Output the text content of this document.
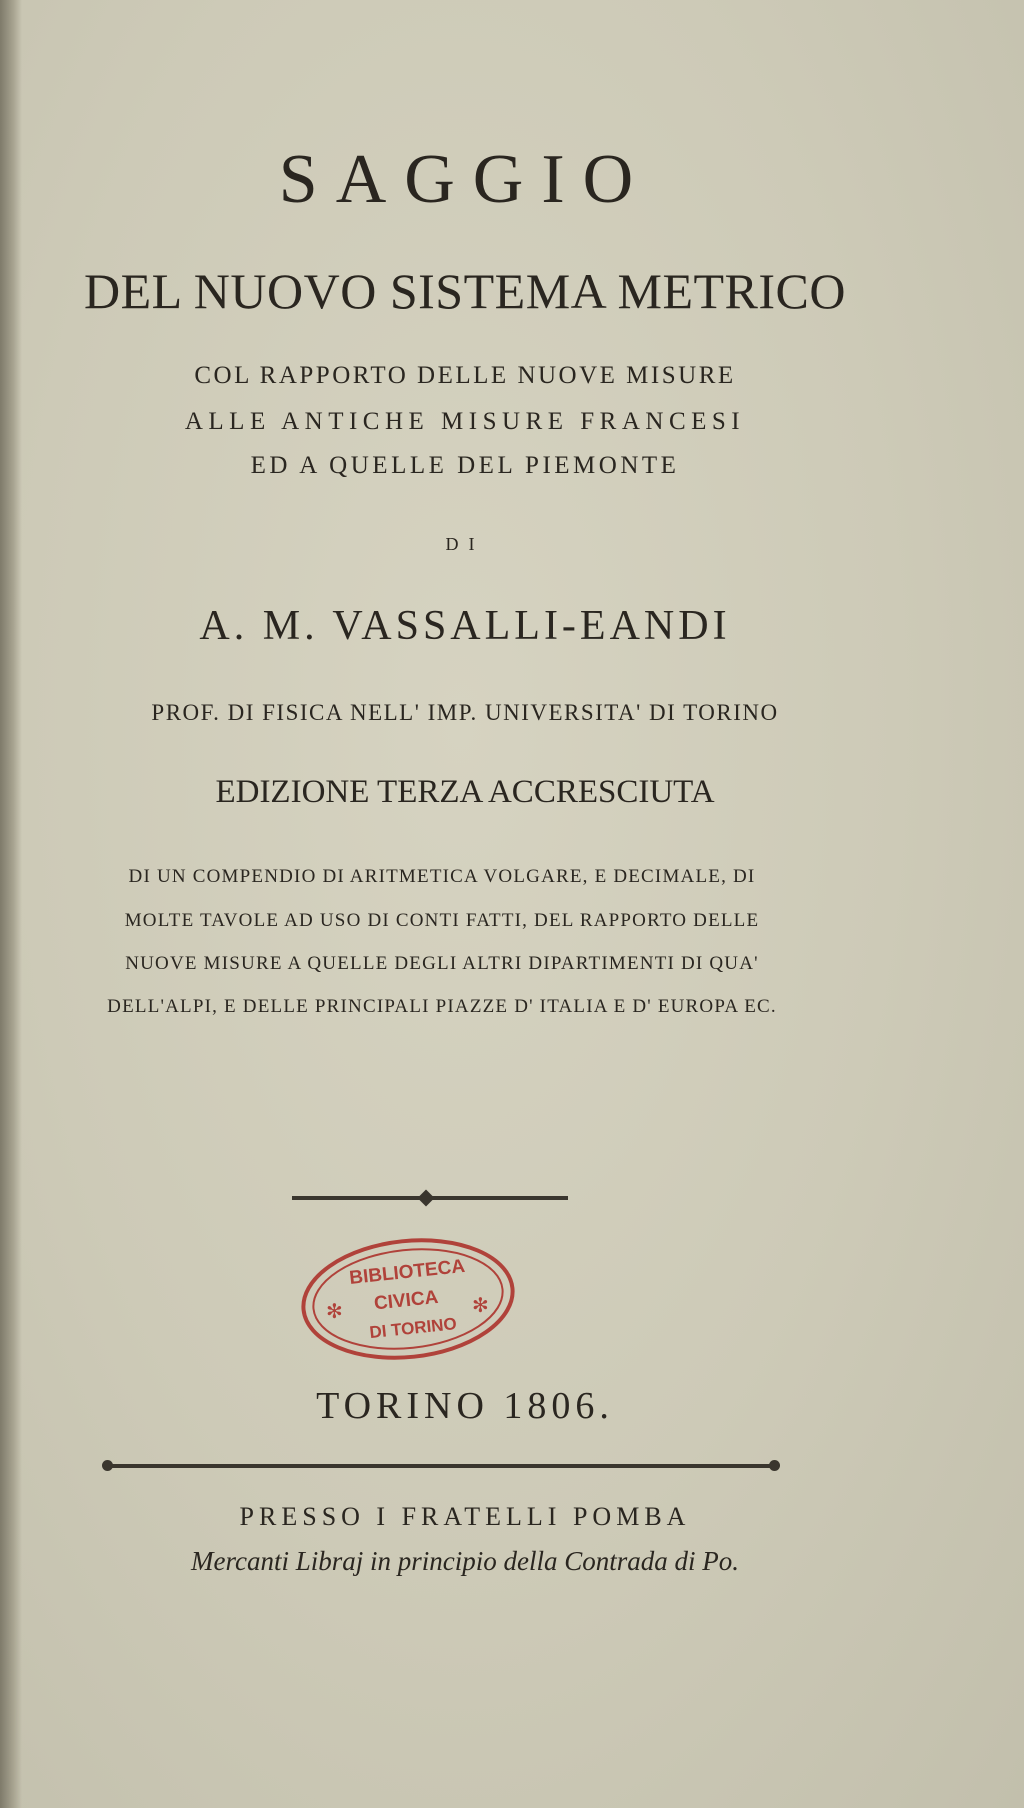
SAGGIO
DEL NUOVO SISTEMA METRICO
COL RAPPORTO DELLE NUOVE MISURE
ALLE ANTICHE MISURE FRANCESI
ED A QUELLE DEL PIEMONTE
DI
A. M. VASSALLI-EANDI
PROF. DI FISICA NELL' IMP. UNIVERSITA' DI TORINO
EDIZIONE TERZA ACCRESCIUTA
DI UN COMPENDIO DI ARITMETICA VOLGARE, E DECIMALE, DI
MOLTE TAVOLE AD USO DI CONTI FATTI, DEL RAPPORTO DELLE
NUOVE MISURE A QUELLE DEGLI ALTRI DIPARTIMENTI DI QUA'
DELL'ALPI, E DELLE PRINCIPALI PIAZZE D' ITALIA E D' EUROPA EC.
BIBLIOTECA
CIVICA
DI TORINO
✻	✻
TORINO 1806.
PRESSO I FRATELLI POMBA
Mercanti Libraj in principio della Contrada di Po.
